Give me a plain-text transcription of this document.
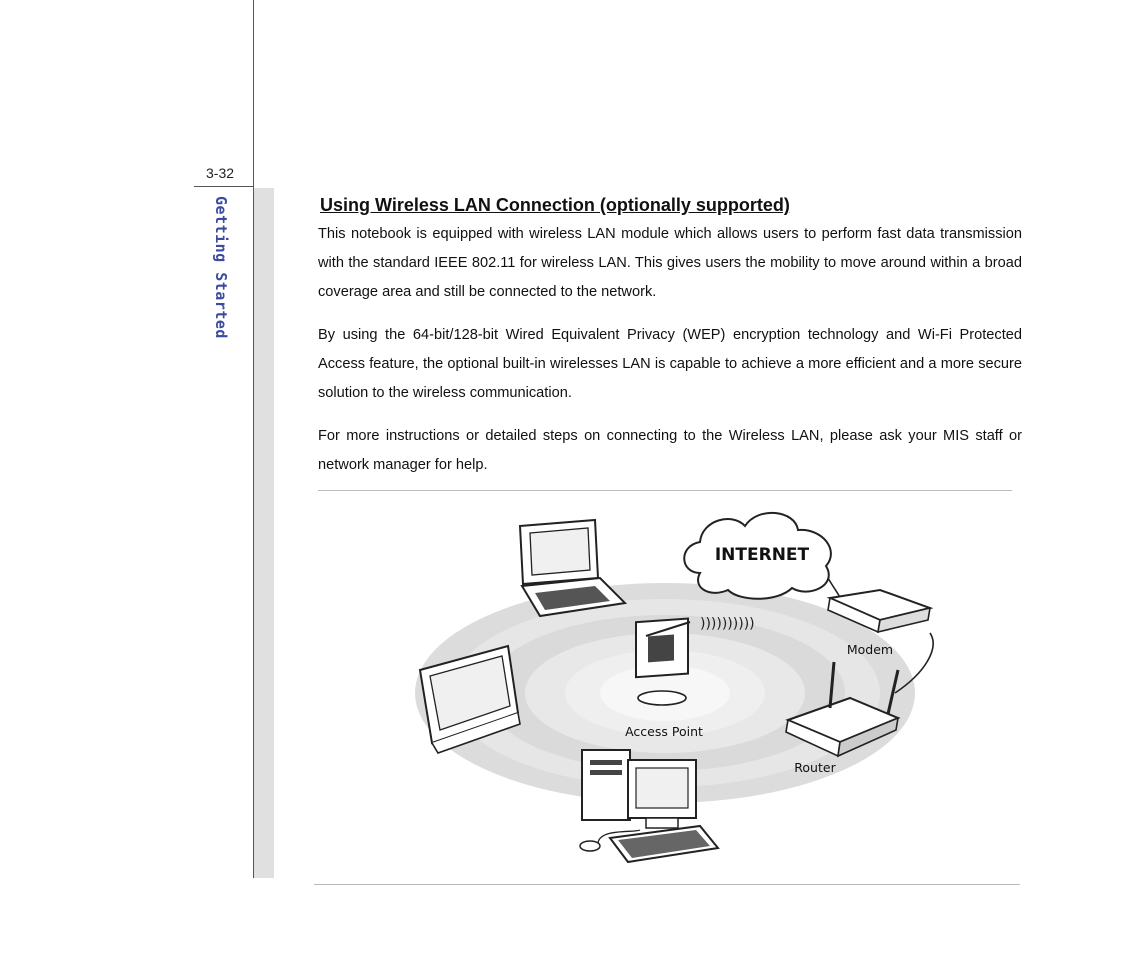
3-32
Getting Started	Using Wireless LAN Connection (optionally supported)
This notebook is equipped with wireless LAN module which allows users to perform fast data transmission with the standard IEEE 802.11 for wireless LAN. This gives users the mobility to move around within a broad coverage area and still be connected to the network.
By using the 64-bit/128-bit Wired Equivalent Privacy (WEP) encryption technology and Wi-Fi Protected Access feature, the optional built-in wirelesses LAN is capable to achieve a more efficient and a more secure solution to the wireless communication.
For more instructions or detailed steps on connecting to the Wireless LAN, please ask your MIS staff or network manager for help.
INTERNET
))))))))))
Access Point
Modem
Router
